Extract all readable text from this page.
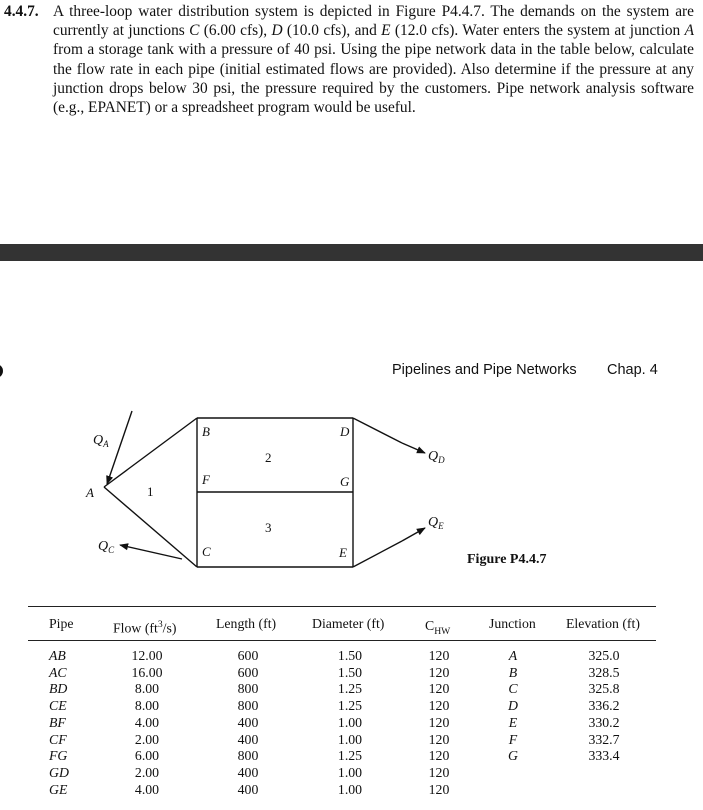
4.4.7. A three-loop water distribution system is depicted in Figure P4.4.7. The demands on the system are currently at junctions C (6.00 cfs), D (10.0 cfs), and E (12.0 cfs). Water enters the system at junction A from a storage tank with a pressure of 40 psi. Using the pipe network data in the table below, calculate the flow rate in each pipe (initial estimated flows are provided). Also determine if the pressure at any junction drops below 30 psi, the pressure required by the customers. Pipe network analysis software (e.g., EPANET) or a spreadsheet program would be useful.
Pipelines and Pipe Networks Chap. 4
A
B
C
D
E
F	G
1
2
3
$Q_A$
$Q_C$
$Q_D$
$Q_E$
Figure P4.4.7
Pipe	Flow $(ft^3/s)$	Length (ft)	Diameter (ft)	$C_{HW}$
Junction Elevation (ft)
AB	12.00	600	1.50	120
AC	16.00	600	1.50	120
BD	8.00	800	1.25	120
CE	8.00	800	1.25	120
BF	4.00	400	1.00	120
CF	2.00	400	1.00	120
FG	6.00	800	1.25	120
GD	2.00	400	1.00	120
GE	4.00	400	1.00	120
A	325.0
B	328.5
C	325.8
D	336.2
E	330.2
F	332.7
G	333.4
